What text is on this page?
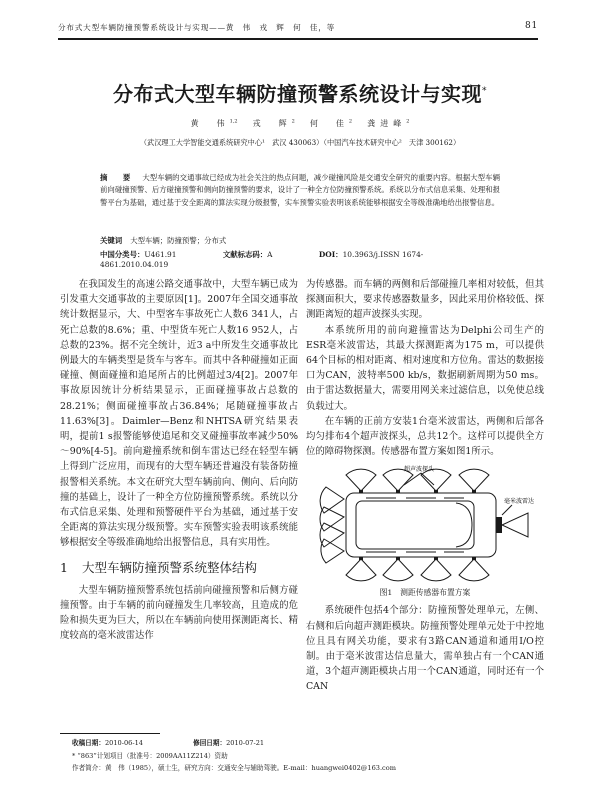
分布式大型车辆防撞预警系统设计与实现——黄　伟　戎　辉　何　佳，等	81
分布式大型车辆防撞预警系统设计与实现*
黄　伟$^{1,2}$ 戎　辉$^2$ 何　佳$^2$ 龚进峰$^2$
（武汉理工大学智能交通系统研究中心¹　武汉 430063）（中国汽车技术研究中心²　天津 300162）
摘　要 大型车辆的交通事故已经成为社会关注的热点问题，减少碰撞风险是交通安全研究的重要内容。根据大型车辆前向碰撞预警、后方碰撞预警和侧向防撞预警的要求，设计了一种全方位防撞预警系统。系统以分布式信息采集、处理和报警平台为基础，通过基于安全距离的算法实现分级报警，实车预警实验表明该系统能够根据安全等级准确地给出报警信息。
关键词 大型车辆；防撞预警；分布式
中国分类号：U461.91	文献标志码：A	DOI：10.3963/j.ISSN 1674-4861.2010.04.019

在我国发生的高速公路交通事故中，大型车辆已成为引发重大交通事故的主要原因[1]。2007年全国交通事故统计数据显示，大、中型客车事故死亡人数6 341人，占死亡总数的8.6%；重、中型货车死亡人数16 952人，占总数的23%。据不完全统计，近3 a中所发生交通事故比例最大的车辆类型是货车与客车。而其中各种碰撞如正面碰撞、侧面碰撞和追尾所占的比例超过3/4[2]。2007年事故原因统计分析结果显示，正面碰撞事故占总数的28.21%；侧面碰撞事故占36.84%；尾随碰撞事故占11.63%[3]。Daimler—Benz和NHTSA研究结果表明，提前1 s报警能够使追尾和交叉碰撞事故率减少50%～90%[4-5]。前向避撞系统和倒车雷达已经在轻型车辆上得到广泛应用，而现有的大型车辆还普遍没有装备防撞报警相关系统。本文在研究大型车辆前向、侧向、后向防撞的基础上，设计了一种全方位防撞预警系统。系统以分布式信息采集、处理和预警硬件平台为基础，通过基于安全距离的算法实现分级预警。实车预警实验表明该系统能够根据安全等级准确地给出报警信息，具有实用性。

1 大型车辆防撞预警系统整体结构

大型车辆防撞预警系统包括前向碰撞预警和后侧方碰撞预警。由于车辆的前向碰撞发生几率较高，且造成的危险和损失更为巨大，所以在车辆前向使用探测距离长、精度较高的毫米波雷达作

为传感器。而车辆的两侧和后部碰撞几率相对较低，但其探测面积大，要求传感器数量多，因此采用价格较低、探测距离短的超声波探头实现。

本系统所用的前向避撞雷达为Delphi公司生产的ESR毫米波雷达，其最大探测距离为175 m，可以提供64个目标的相对距离、相对速度和方位角。雷达的数据接口为CAN，波特率500 kb/s，数据刷新周期为50 ms。由于雷达数据量大，需要用网关来过滤信息，以免使总线负载过大。

在车辆的正前方安装1台毫米波雷达，两侧和后部各均匀排布4个超声波探头，总共12个。这样可以提供全方位的障碍物探测。传感器布置方案如图1所示。

超声波探头
毫米波雷达
图1　测距传感器布置方案

系统硬件包括4个部分：防撞预警处理单元，左侧、右侧和后向超声测距模块。防撞预警处理单元处于中控地位且具有网关功能，要求有3路CAN通道和通用I/O控制。由于毫米波雷达信息量大，需单独占有一个CAN通道，3个超声测距模块占用一个CAN通道，同时还有一个CAN

收稿日期：2010-06-14	修回日期：2010-07-21
* “863”计划项目（批准号：2009AA11Z214）资助
作者简介：黄　伟（1985），硕士生，研究方向：交通安全与辅助驾驶。E-mail：huangwei0402@163.com
